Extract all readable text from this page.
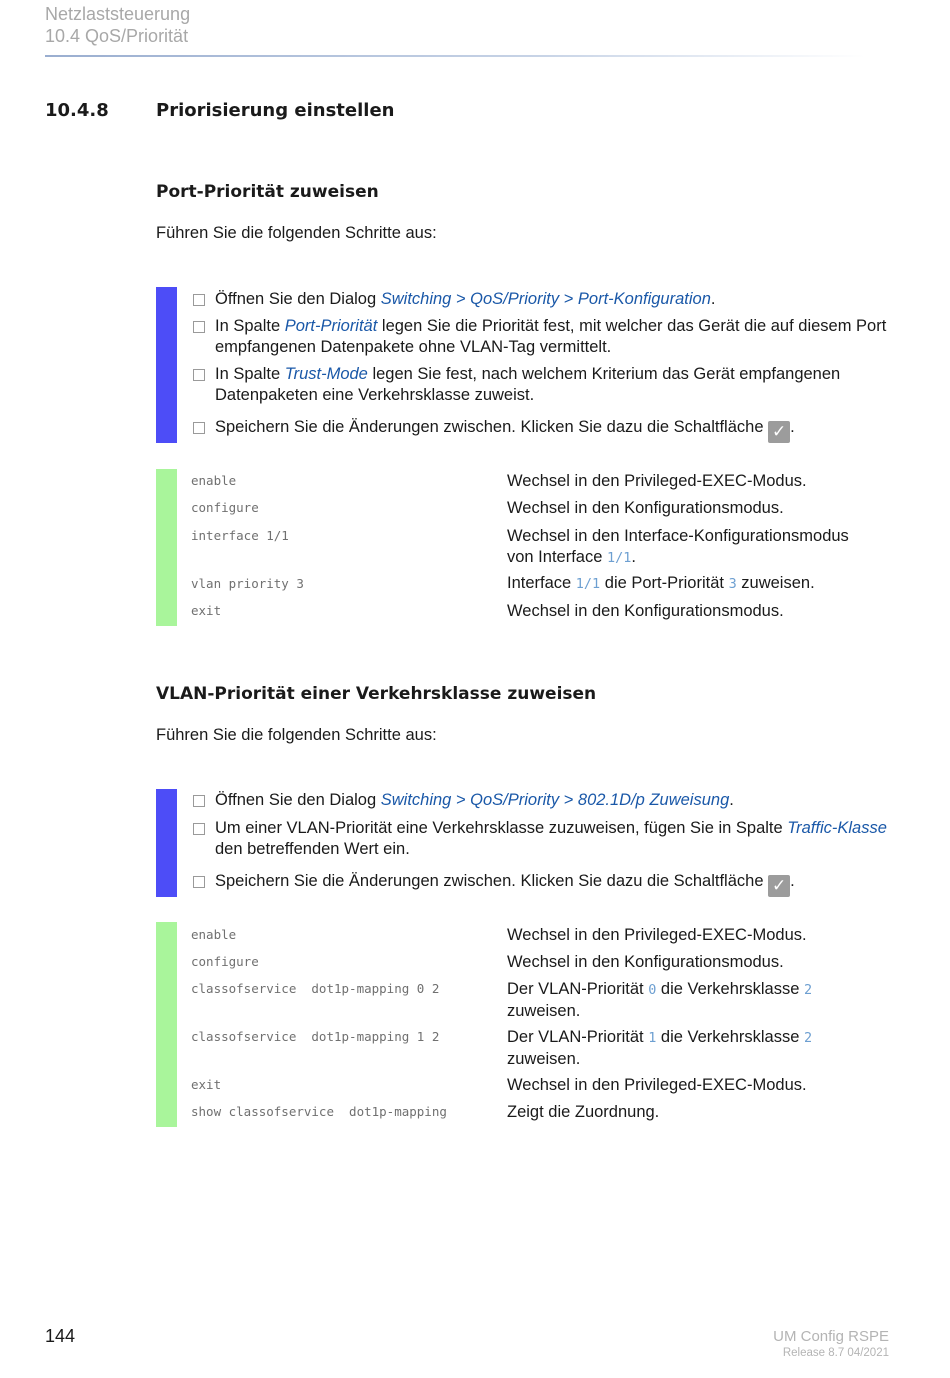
Netzlaststeuerung
10.4 QoS/Priorität
10.4.8	Priorisierung einstellen
Port-Priorität zuweisen
Führen Sie die folgenden Schritte aus:
Öffnen Sie den Dialog Switching > QoS/Priority > Port-Konfiguration.
In Spalte Port-Priorität legen Sie die Priorität fest, mit welcher das Gerät die auf diesem Port empfangenen Datenpakete ohne VLAN-Tag vermittelt.
In Spalte Trust-Mode legen Sie fest, nach welchem Kriterium das Gerät empfangenen Datenpaketen eine Verkehrsklasse zuweist.
Speichern Sie die Änderungen zwischen. Klicken Sie dazu die Schaltfläche ✓ .
enable	Wechsel in den Privileged-EXEC-Modus.
configure	Wechsel in den Konfigurationsmodus.
interface 1/1	Wechsel in den Interface-Konfigurationsmodus von Interface 1/1.
vlan priority 3	Interface 1/1 die Port-Priorität 3 zuweisen.
exit	Wechsel in den Konfigurationsmodus.
VLAN-Priorität einer Verkehrsklasse zuweisen
Führen Sie die folgenden Schritte aus:
Öffnen Sie den Dialog Switching > QoS/Priority > 802.1D/p Zuweisung.
Um einer VLAN-Priorität eine Verkehrsklasse zuzuweisen, fügen Sie in Spalte Traffic-Klasse den betreffenden Wert ein.
Speichern Sie die Änderungen zwischen. Klicken Sie dazu die Schaltfläche ✓ .
enable	Wechsel in den Privileged-EXEC-Modus.
configure	Wechsel in den Konfigurationsmodus.
classofservice  dot1p-mapping 0 2	Der VLAN-Priorität 0 die Verkehrsklasse 2 zuweisen.
classofservice  dot1p-mapping 1 2	Der VLAN-Priorität 1 die Verkehrsklasse 2 zuweisen.
exit	Wechsel in den Privileged-EXEC-Modus.
show classofservice  dot1p-mapping	Zeigt die Zuordnung.
144	UM Config RSPE
Release 8.7 04/2021
